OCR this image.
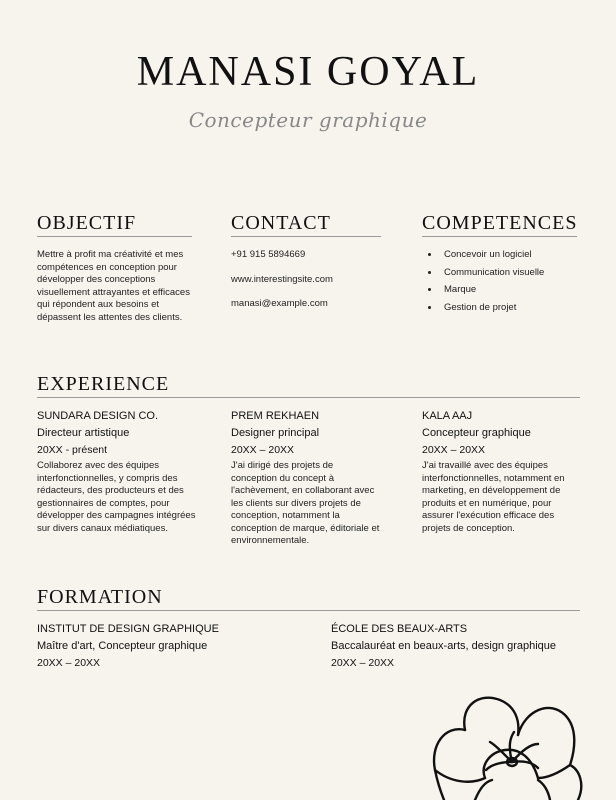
MANASI GOYAL
Concepteur graphique
OBJECTIF
Mettre à profit ma créativité et mes compétences en conception pour développer des conceptions visuellement attrayantes et efficaces qui répondent aux besoins et dépassent les attentes des clients.
CONTACT
+91 915 5894669
www.interestingsite.com
manasi@example.com
COMPETENCES
• Concevoir un logiciel
• Communication visuelle
• Marque
• Gestion de projet
EXPERIENCE
SUNDARA DESIGN CO.
Directeur artistique
20XX - présent
Collaborez avec des équipes interfonctionnelles, y compris des rédacteurs, des producteurs et des gestionnaires de comptes, pour développer des campagnes intégrées sur divers canaux médiatiques.
PREM REKHAEN
Designer principal
20XX – 20XX
J'ai dirigé des projets de conception du concept à l'achèvement, en collaborant avec les clients sur divers projets de conception, notamment la conception de marque, éditoriale et environnementale.
KALA AAJ
Concepteur graphique
20XX – 20XX
J'ai travaillé avec des équipes interfonctionnelles, notamment en marketing, en développement de produits et en numérique, pour assurer l'exécution efficace des projets de conception.
FORMATION
INSTITUT DE DESIGN GRAPHIQUE
Maître d'art, Concepteur graphique
20XX – 20XX
ÉCOLE DES BEAUX-ARTS
Baccalauréat en beaux-arts, design graphique
20XX – 20XX
